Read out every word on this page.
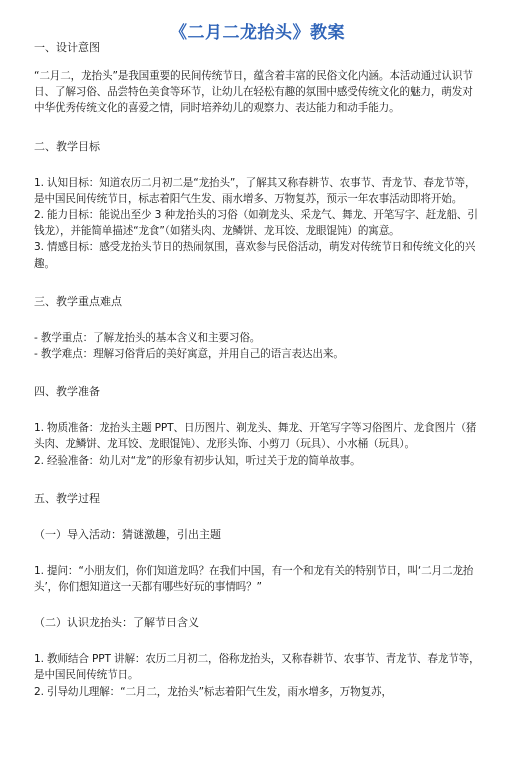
《二月二龙抬头》教案

一、设计意图

“二月二，龙抬头”是我国重要的民间传统节日，蕴含着丰富的民俗文化内涵。本活动通过认识节日、了解习俗、品尝特色美食等环节，让幼儿在轻松有趣的氛围中感受传统文化的魅力，萌发对中华优秀传统文化的喜爱之情，同时培养幼儿的观察力、表达能力和动手能力。

二、教学目标

1. 认知目标：知道农历二月初二是“龙抬头”，了解其又称春耕节、农事节、青龙节、春龙节等，是中国民间传统节日，标志着阳气生发、雨水增多、万物复苏，预示一年农事活动即将开始。

2. 能力目标：能说出至少 3 种龙抬头的习俗（如剃龙头、采龙气、舞龙、开笔写字、赶龙船、引钱龙），并能简单描述“龙食”（如猪头肉、龙鳞饼、龙耳饺、龙眼馄饨）的寓意。

3. 情感目标：感受龙抬头节日的热闹氛围，喜欢参与民俗活动，萌发对传统节日和传统文化的兴趣。

三、教学重点难点

- 教学重点：了解龙抬头的基本含义和主要习俗。

- 教学难点：理解习俗背后的美好寓意，并用自己的语言表达出来。

四、教学准备

1. 物质准备：龙抬头主题 PPT、日历图片、剃龙头、舞龙、开笔写字等习俗图片、龙食图片（猪头肉、龙鳞饼、龙耳饺、龙眼馄饨）、龙形头饰、小剪刀（玩具）、小水桶（玩具）。

2. 经验准备：幼儿对“龙”的形象有初步认知，听过关于龙的简单故事。

五、教学过程

（一）导入活动：猜谜激趣，引出主题

1. 提问：“小朋友们，你们知道龙吗？在我们中国，有一个和龙有关的特别节日，叫‘二月二龙抬头’，你们想知道这一天都有哪些好玩的事情吗？”

（二）认识龙抬头：了解节日含义

1. 教师结合 PPT 讲解：农历二月初二，俗称龙抬头，又称春耕节、农事节、青龙节、春龙节等，是中国民间传统节日。

2. 引导幼儿理解：“二月二，龙抬头”标志着阳气生发，雨水增多，万物复苏，
